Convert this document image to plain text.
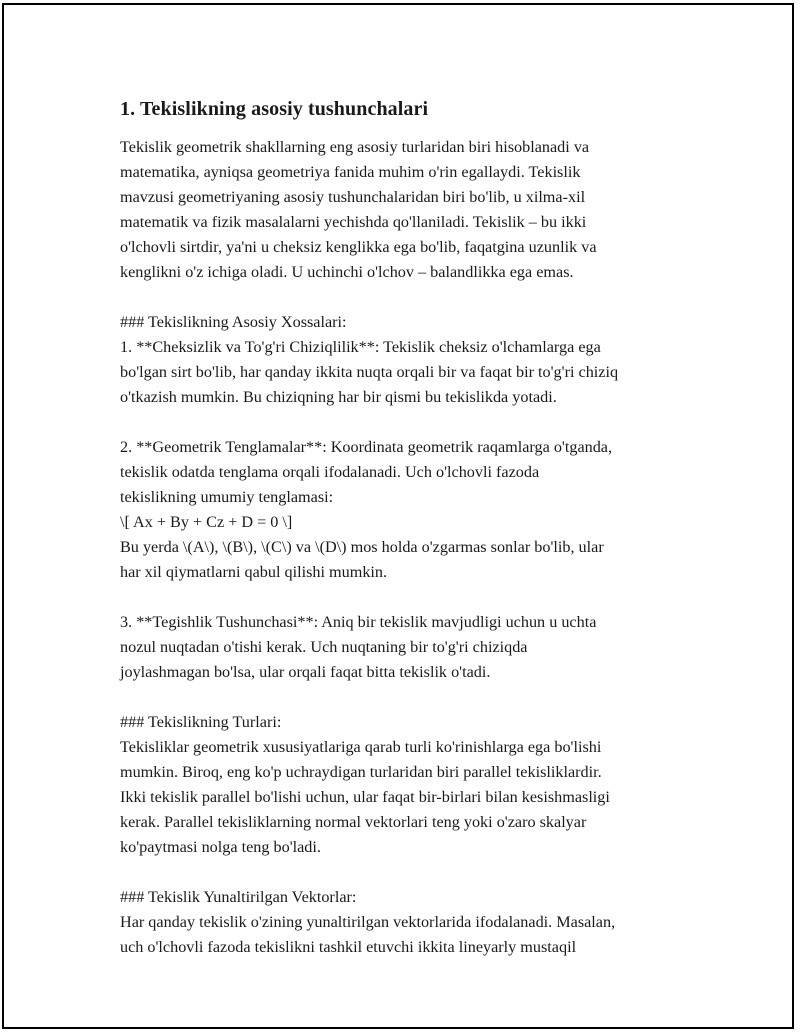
1. Tekislikning asosiy tushunchalari

Tekislik geometrik shakllarning eng asosiy turlaridan biri hisoblanadi va
matematika, ayniqsa geometriya fanida muhim o'rin egallaydi. Tekislik
mavzusi geometriyaning asosiy tushunchalaridan biri bo'lib, u xilma-xil
matematik va fizik masalalarni yechishda qo'llaniladi. Tekislik – bu ikki
o'lchovli sirtdir, ya'ni u cheksiz kenglikka ega bo'lib, faqatgina uzunlik va
kenglikni o'z ichiga oladi. U uchinchi o'lchov – balandlikka ega emas.

### Tekislikning Asosiy Xossalari:
1. **Cheksizlik va To'g'ri Chiziqlilik**: Tekislik cheksiz o'lchamlarga ega
bo'lgan sirt bo'lib, har qanday ikkita nuqta orqali bir va faqat bir to'g'ri chiziq
o'tkazish mumkin. Bu chiziqning har bir qismi bu tekislikda yotadi.

2. **Geometrik Tenglamalar**: Koordinata geometrik raqamlarga o'tganda,
tekislik odatda tenglama orqali ifodalanadi. Uch o'lchovli fazoda
tekislikning umumiy tenglamasi:
\[ Ax + By + Cz + D = 0 \]
Bu yerda \(A\), \(B\), \(C\) va \(D\) mos holda o'zgarmas sonlar bo'lib, ular
har xil qiymatlarni qabul qilishi mumkin.

3. **Tegishlik Tushunchasi**: Aniq bir tekislik mavjudligi uchun u uchta
nozul nuqtadan o'tishi kerak. Uch nuqtaning bir to'g'ri chiziqda
joylashmagan bo'lsa, ular orqali faqat bitta tekislik o'tadi.

### Tekislikning Turlari:
Tekisliklar geometrik xususiyatlariga qarab turli ko'rinishlarga ega bo'lishi
mumkin. Biroq, eng ko'p uchraydigan turlaridan biri parallel tekisliklardir.
Ikki tekislik parallel bo'lishi uchun, ular faqat bir-birlari bilan kesishmasligi
kerak. Parallel tekisliklarning normal vektorlari teng yoki o'zaro skalyar
ko'paytmasi nolga teng bo'ladi.

### Tekislik Yunaltirilgan Vektorlar:
Har qanday tekislik o'zining yunaltirilgan vektorlarida ifodalanadi. Masalan,
uch o'lchovli fazoda tekislikni tashkil etuvchi ikkita lineyarly mustaqil
